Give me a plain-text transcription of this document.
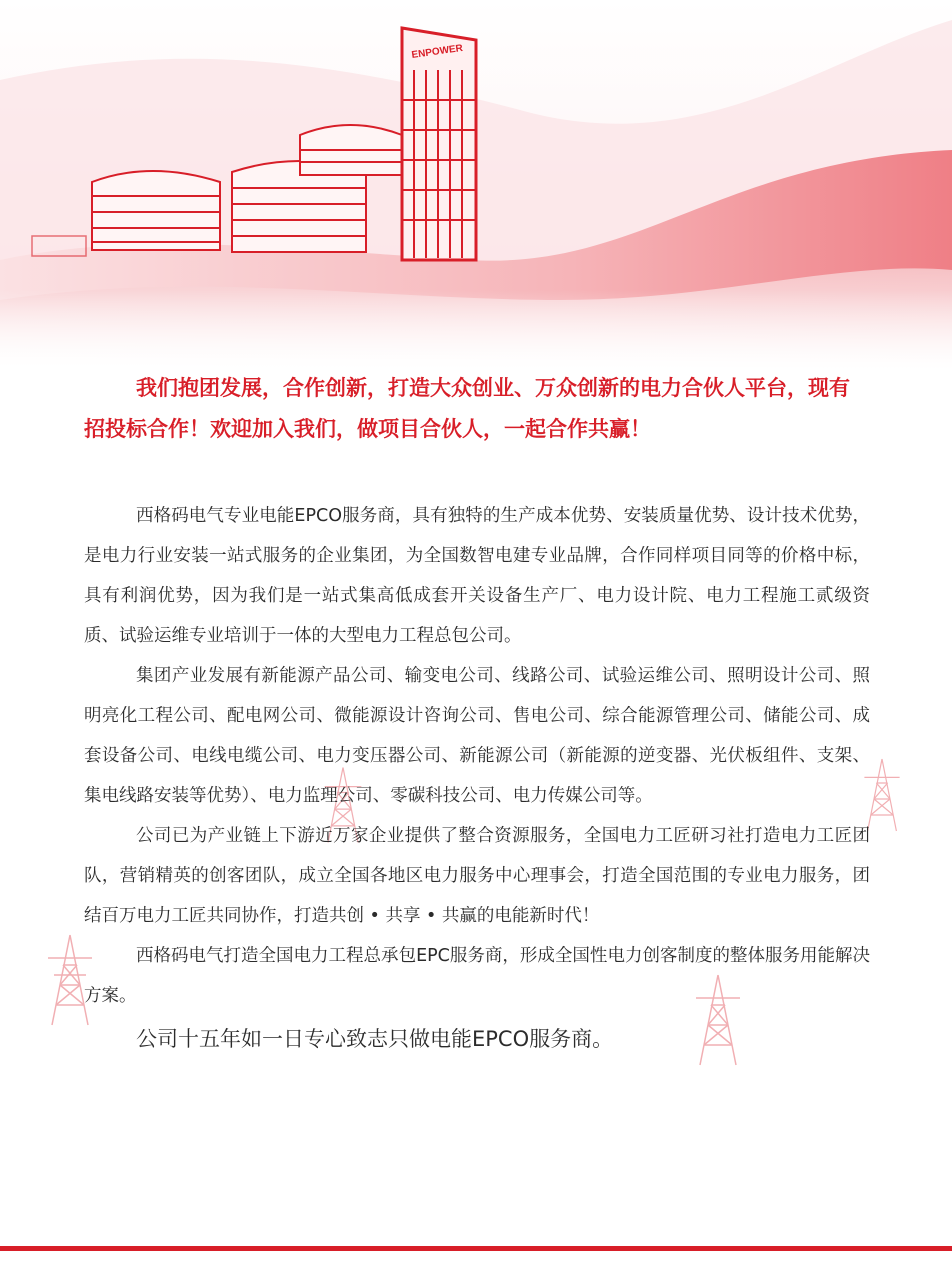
ENPOWER

我们抱团发展，合作创新，打造大众创业、万众创新的电力合伙人平台，现有招投标合作！欢迎加入我们，做项目合伙人，一起合作共赢！

西格码电气专业电能EPCO服务商，具有独特的生产成本优势、安装质量优势、设计技术优势，是电力行业安装一站式服务的企业集团，为全国数智电建专业品牌，合作同样项目同等的价格中标，具有利润优势，因为我们是一站式集高低成套开关设备生产厂、电力设计院、电力工程施工贰级资质、试验运维专业培训于一体的大型电力工程总包公司。

集团产业发展有新能源产品公司、输变电公司、线路公司、试验运维公司、照明设计公司、照明亮化工程公司、配电网公司、微能源设计咨询公司、售电公司、综合能源管理公司、储能公司、成套设备公司、电线电缆公司、电力变压器公司、新能源公司（新能源的逆变器、光伏板组件、支架、集电线路安装等优势）、电力监理公司、零碳科技公司、电力传媒公司等。

公司已为产业链上下游近万家企业提供了整合资源服务，全国电力工匠研习社打造电力工匠团队，营销精英的创客团队，成立全国各地区电力服务中心理事会，打造全国范围的专业电力服务，团结百万电力工匠共同协作，打造共创 • 共享 • 共赢的电能新时代！

西格码电气打造全国电力工程总承包EPC服务商，形成全国性电力创客制度的整体服务用能解决方案。

公司十五年如一日专心致志只做电能EPCO服务商。
